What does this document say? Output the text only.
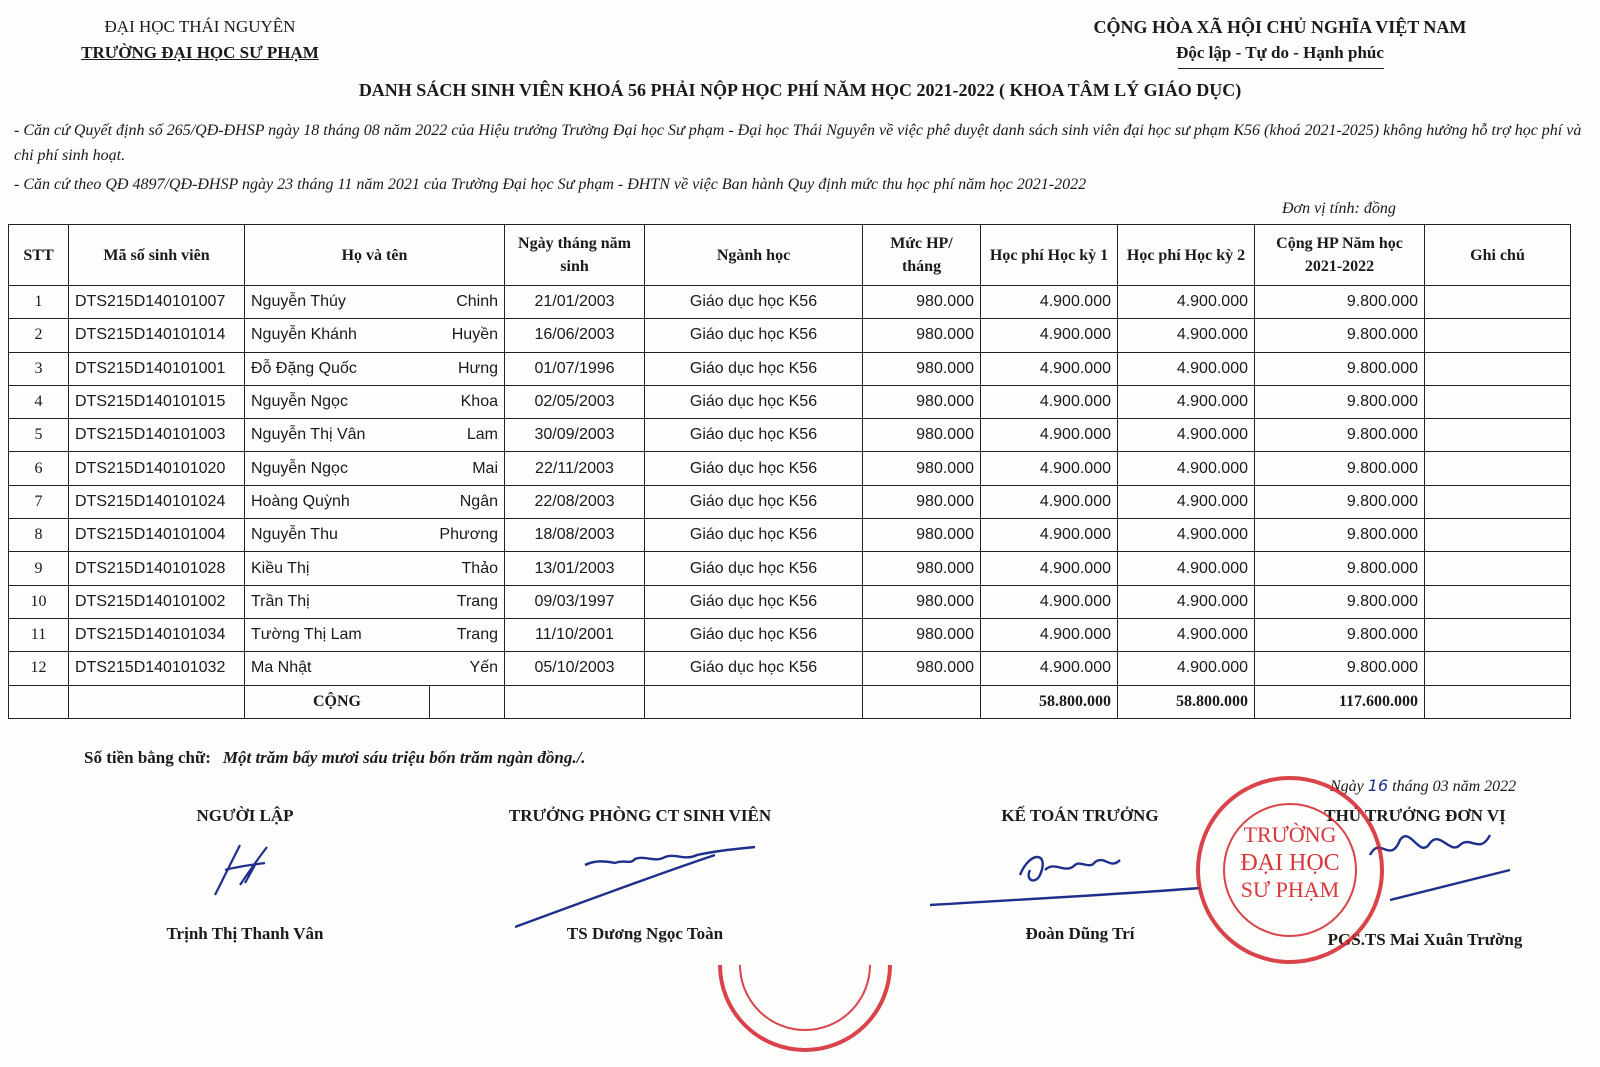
ĐẠI HỌC THÁI NGUYÊN
TRƯỜNG ĐẠI HỌC SƯ PHẠM
CỘNG HÒA XÃ HỘI CHỦ NGHĨA VIỆT NAM
Độc lập - Tự do - Hạnh phúc
DANH SÁCH SINH VIÊN KHOÁ 56 PHẢI NỘP HỌC PHÍ NĂM HỌC 2021-2022 ( KHOA TÂM LÝ GIÁO DỤC)
- Căn cứ Quyết định số 265/QĐ-ĐHSP ngày 18 tháng 08 năm 2022 của Hiệu trưởng Trường Đại học Sư phạm - Đại học Thái Nguyên về việc phê duyệt danh sách sinh viên đại học sư phạm K56 (khoá 2021-2025) không hưởng hỗ trợ học phí và chi phí sinh hoạt.
- Căn cứ theo QĐ 4897/QĐ-ĐHSP ngày 23 tháng 11 năm 2021 của Trường Đại học Sư phạm - ĐHTN về việc Ban hành Quy định mức thu học phí năm học 2021-2022
Đơn vị tính: đồng
STT	Mã số sinh viên	Họ và tên		Ngày tháng năm sinh	Ngành học	Mức HP/ tháng	Học phí Học kỳ 1	Học phí Học kỳ 2	Cộng HP Năm học 2021-2022	Ghi chú
1	DTS215D140101007	Nguyễn Thúy	Chinh	21/01/2003	Giáo dục học K56	980.000	4.900.000	4.900.000	9.800.000	
2	DTS215D140101014	Nguyễn Khánh	Huyền	16/06/2003	Giáo dục học K56	980.000	4.900.000	4.900.000	9.800.000	
3	DTS215D140101001	Đỗ Đặng Quốc	Hưng	01/07/1996	Giáo dục học K56	980.000	4.900.000	4.900.000	9.800.000	
4	DTS215D140101015	Nguyễn Ngọc	Khoa	02/05/2003	Giáo dục học K56	980.000	4.900.000	4.900.000	9.800.000	
5	DTS215D140101003	Nguyễn Thị Vân	Lam	30/09/2003	Giáo dục học K56	980.000	4.900.000	4.900.000	9.800.000	
6	DTS215D140101020	Nguyễn Ngọc	Mai	22/11/2003	Giáo dục học K56	980.000	4.900.000	4.900.000	9.800.000	
7	DTS215D140101024	Hoàng Quỳnh	Ngân	22/08/2003	Giáo dục học K56	980.000	4.900.000	4.900.000	9.800.000	
8	DTS215D140101004	Nguyễn Thu	Phương	18/08/2003	Giáo dục học K56	980.000	4.900.000	4.900.000	9.800.000	
9	DTS215D140101028	Kiều Thị	Thảo	13/01/2003	Giáo dục học K56	980.000	4.900.000	4.900.000	9.800.000	
10	DTS215D140101002	Trần Thị	Trang	09/03/1997	Giáo dục học K56	980.000	4.900.000	4.900.000	9.800.000	
11	DTS215D140101034	Tường Thị Lam	Trang	11/10/2001	Giáo dục học K56	980.000	4.900.000	4.900.000	9.800.000	
12	DTS215D140101032	Ma Nhật	Yến	05/10/2003	Giáo dục học K56	980.000	4.900.000	4.900.000	9.800.000	
		CỘNG					58.800.000	58.800.000	117.600.000	
Số tiền bằng chữ: Một trăm bẩy mươi sáu triệu bốn trăm ngàn đồng./.
Ngày 16 tháng 03 năm 2022
NGƯỜI LẬP	TRƯỞNG PHÒNG CT SINH VIÊN	KẾ TOÁN TRƯỞNG	THỦ TRƯỞNG ĐƠN VỊ
Trịnh Thị Thanh Vân	TS Dương Ngọc Toàn	Đoàn Dũng Trí	PGS.TS Mai Xuân Trường
TRƯỜNG
ĐẠI HỌC
SƯ PHẠM
